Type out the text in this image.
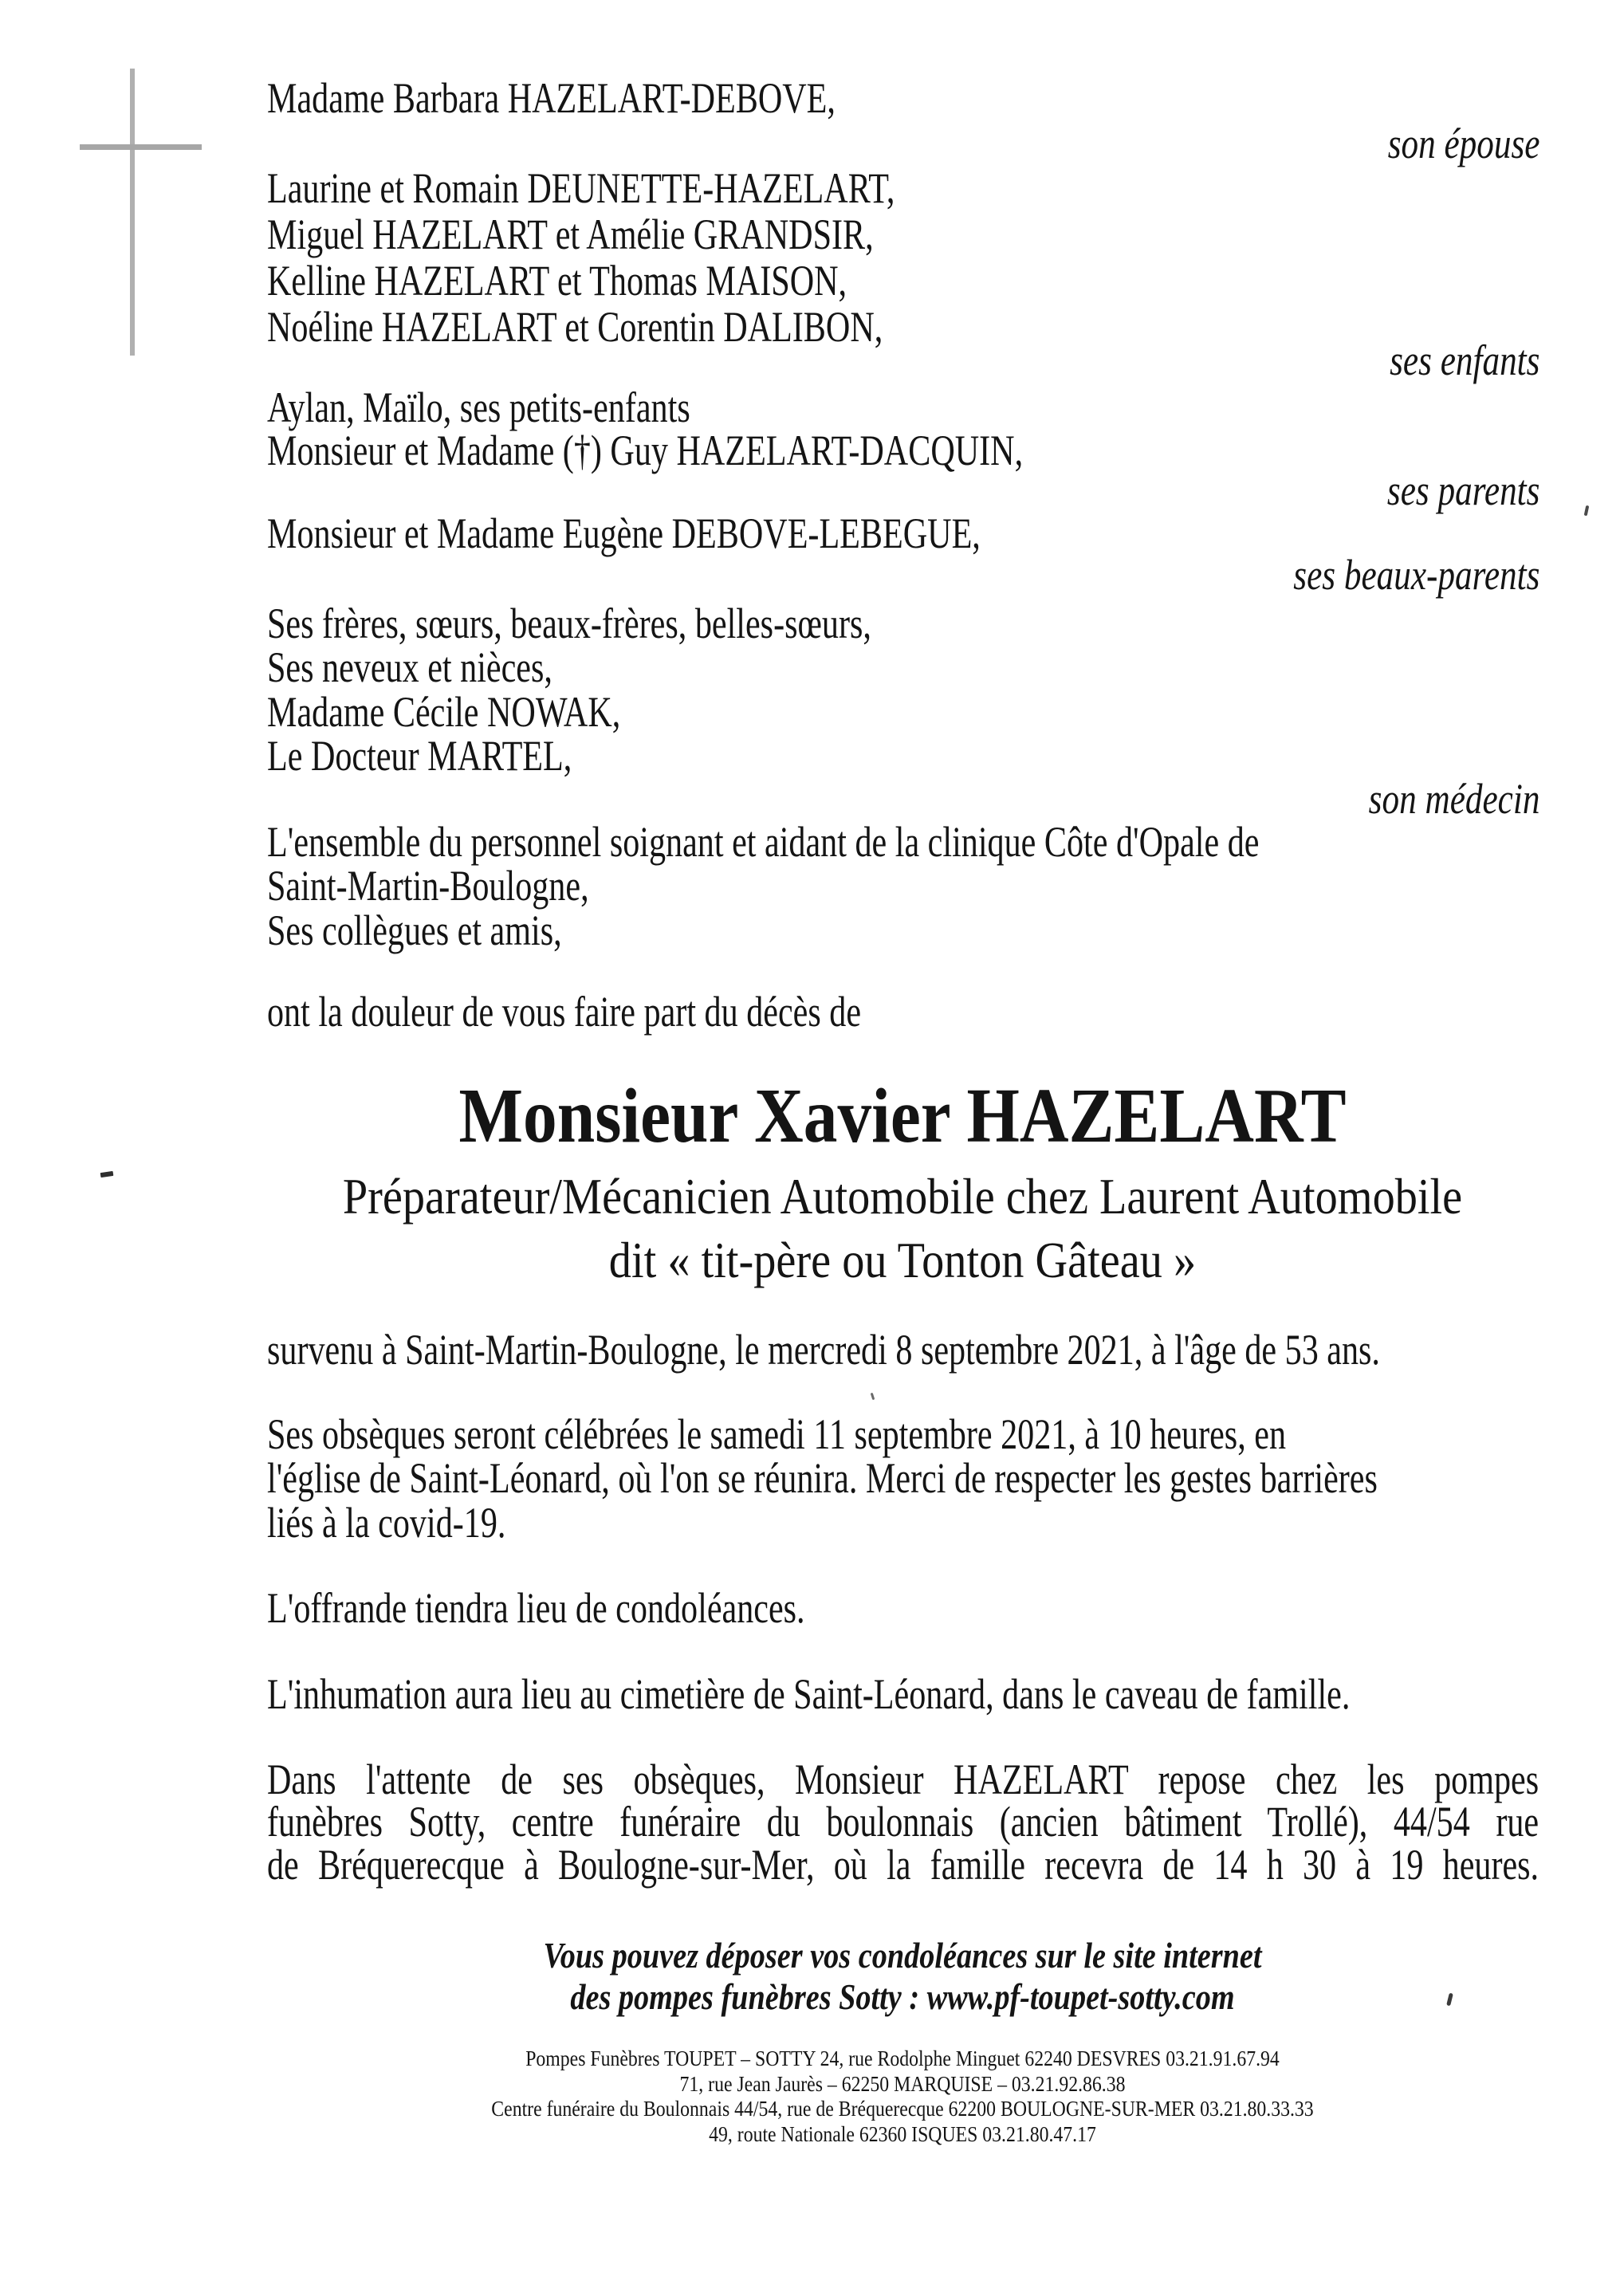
Madame Barbara HAZELART-DEBOVE,
son épouse
Laurine et Romain DEUNETTE-HAZELART,
Miguel HAZELART et Amélie GRANDSIR,
Kelline HAZELART et Thomas MAISON,
Noéline HAZELART et Corentin DALIBON,
ses enfants
Aylan, Maïlo, ses petits-enfants
Monsieur et Madame (†) Guy HAZELART-DACQUIN,
ses parents
Monsieur et Madame Eugène DEBOVE-LEBEGUE,
ses beaux-parents
Ses frères, sœurs, beaux-frères, belles-sœurs,
Ses neveux et nièces,
Madame Cécile NOWAK,
Le Docteur MARTEL,
son médecin
L'ensemble du personnel soignant et aidant de la clinique Côte d'Opale de
Saint-Martin-Boulogne,
Ses collègues et amis,
ont la douleur de vous faire part du décès de
Monsieur Xavier HAZELART
Préparateur/Mécanicien Automobile chez Laurent Automobile
dit « tit-père ou Tonton Gâteau »
survenu à Saint-Martin-Boulogne, le mercredi 8 septembre 2021, à l'âge de 53 ans.
Ses obsèques seront célébrées le samedi 11 septembre 2021, à 10 heures, en
l'église de Saint-Léonard, où l'on se réunira. Merci de respecter les gestes barrières
liés à la covid-19.
L'offrande tiendra lieu de condoléances.
L'inhumation aura lieu au cimetière de Saint-Léonard, dans le caveau de famille.
Dans l'attente de ses obsèques, Monsieur HAZELART repose chez les pompes
funèbres Sotty, centre funéraire du boulonnais (ancien bâtiment Trollé), 44/54 rue
de Bréquerecque à Boulogne-sur-Mer, où la famille recevra de 14 h 30 à 19 heures.
Vous pouvez déposer vos condoléances sur le site internet
des pompes funèbres Sotty : www.pf-toupet-sotty.com
Pompes Funèbres TOUPET – SOTTY 24, rue Rodolphe Minguet 62240 DESVRES 03.21.91.67.94
71, rue Jean Jaurès – 62250 MARQUISE – 03.21.92.86.38
Centre funéraire du Boulonnais 44/54, rue de Bréquerecque 62200 BOULOGNE-SUR-MER 03.21.80.33.33
49, route Nationale 62360 ISQUES 03.21.80.47.17
